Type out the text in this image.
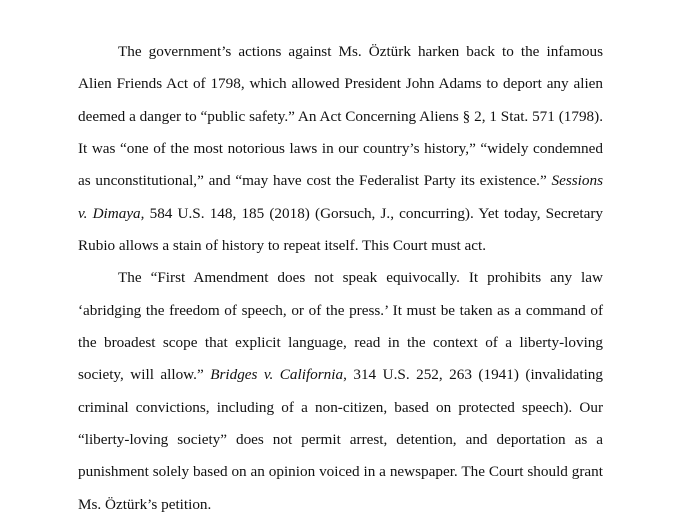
The government’s actions against Ms. Öztürk harken back to the infamous Alien Friends Act of 1798, which allowed President John Adams to deport any alien deemed a danger to “public safety.” An Act Concerning Aliens § 2, 1 Stat. 571 (1798). It was “one of the most notorious laws in our country’s history,” “widely condemned as unconstitutional,” and “may have cost the Federalist Party its existence.” Sessions v. Dimaya, 584 U.S. 148, 185 (2018) (Gorsuch, J., concurring). Yet today, Secretary Rubio allows a stain of history to repeat itself. This Court must act.

The “First Amendment does not speak equivocally. It prohibits any law ‘abridging the freedom of speech, or of the press.’ It must be taken as a command of the broadest scope that explicit language, read in the context of a liberty-loving society, will allow.” Bridges v. California, 314 U.S. 252, 263 (1941) (invalidating criminal convictions, including of a non-citizen, based on protected speech). Our “liberty-loving society” does not permit arrest, detention, and deportation as a punishment solely based on an opinion voiced in a newspaper. The Court should grant Ms. Öztürk’s petition.
